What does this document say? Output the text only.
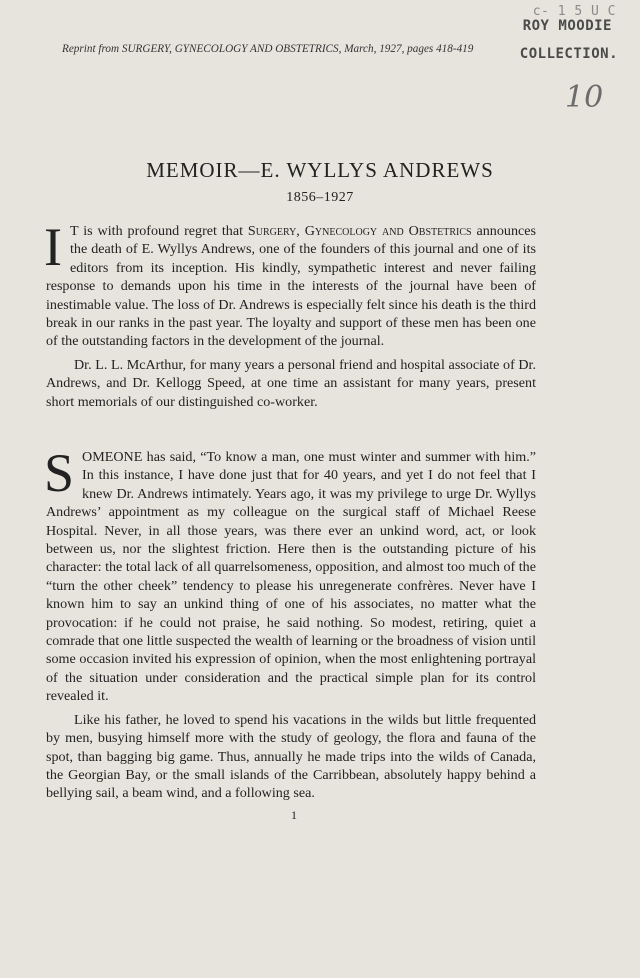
c- 1 5 U C
ROY MOODIE
COLLECTION.
Reprint from SURGERY, GYNECOLOGY AND OBSTETRICS, March, 1927, pages 418-419
10
MEMOIR—E. WYLLYS ANDREWS
1856–1927

I T is with profound regret that Surgery, Gynecology and Obstetrics announces the death of E. Wyllys Andrews, one of the founders of this journal and one of its editors from its inception. His kindly, sympathetic interest and never failing response to demands upon his time in the interests of the journal have been of inestimable value. The loss of Dr. Andrews is especially felt since his death is the third break in our ranks in the past year. The loyalty and support of these men has been one of the outstanding factors in the development of the journal.

Dr. L. L. McArthur, for many years a personal friend and hospital associate of Dr. Andrews, and Dr. Kellogg Speed, at one time an assistant for many years, present short memorials of our distinguished co-worker.

SOMEONE has said, “To know a man, one must winter and summer with him.” In this instance, I have done just that for 40 years, and yet I do not feel that I knew Dr. Andrews intimately. Years ago, it was my privilege to urge Dr. Wyllys Andrews’ appointment as my colleague on the surgical staff of Michael Reese Hospital. Never, in all those years, was there ever an unkind word, act, or look between us, nor the slightest friction. Here then is the outstanding picture of his character: the total lack of all quarrelsomeness, opposition, and almost too much of the “turn the other cheek” tendency to please his unregenerate confrères. Never have I known him to say an unkind thing of one of his associates, no matter what the provocation: if he could not praise, he said nothing. So modest, retiring, quiet a comrade that one little suspected the wealth of learning or the broadness of vision until some occasion invited his expression of opinion, when the most enlightening portrayal of the situation under consideration and the practical simple plan for its control revealed it.

Like his father, he loved to spend his vacations in the wilds but little frequented by men, busying himself more with the study of geology, the flora and fauna of the spot, than bagging big game. Thus, annually he made trips into the wilds of Canada, the Georgian Bay, or the small islands of the Carribbean, absolutely happy behind a bellying sail, a beam wind, and a following sea.

1
